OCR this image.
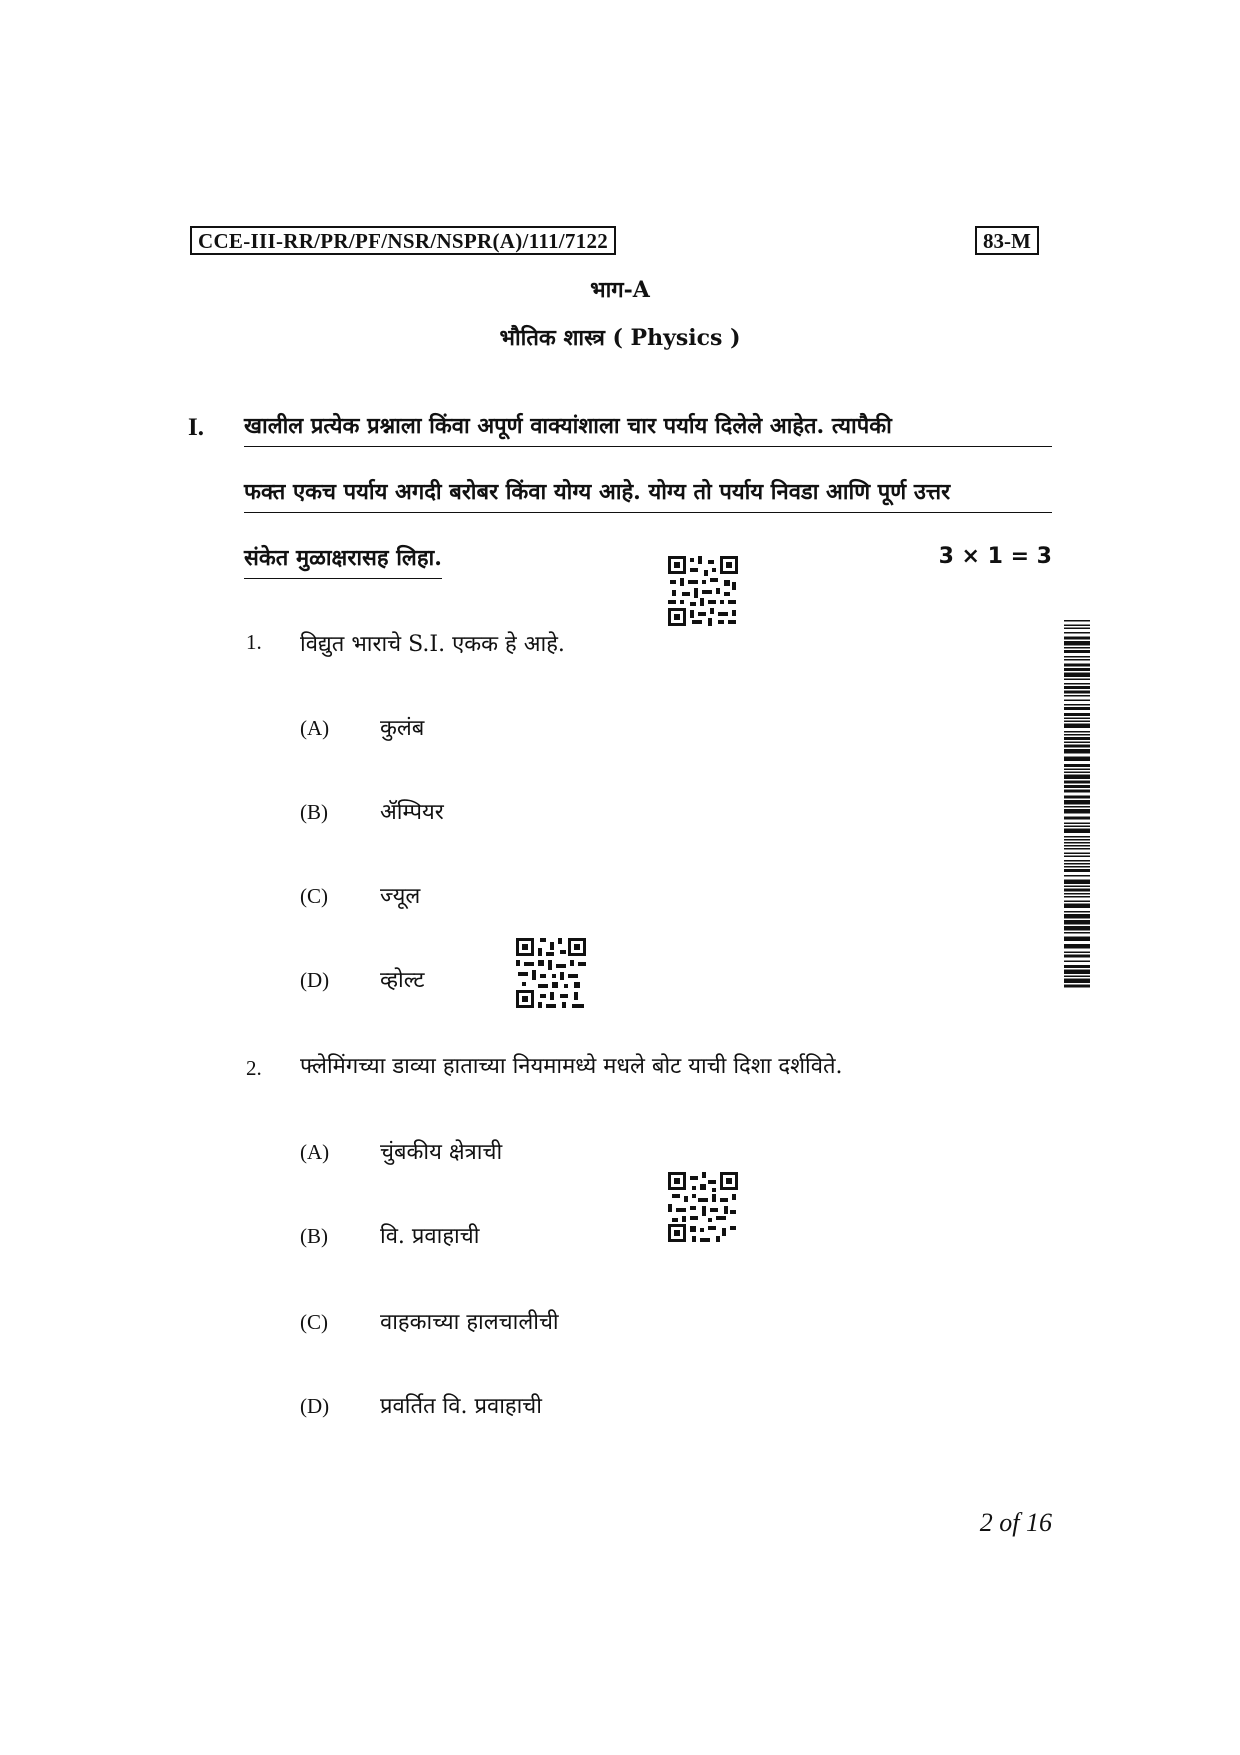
CCE-III-RR/PR/PF/NSR/NSPR(A)/111/7122	83-M
भाग-A
भौतिक शास्त्र ( Physics )
I. खालील प्रत्येक प्रश्नाला किंवा अपूर्ण वाक्यांशाला चार पर्याय दिलेले आहेत. त्यापैकी
फक्त एकच पर्याय अगदी बरोबर किंवा योग्य आहे. योग्य तो पर्याय निवडा आणि पूर्ण उत्तर
संकेत मुळाक्षरासह लिहा.	3 × 1 = 3
1. विद्युत भाराचे S.I. एकक हे आहे.
(A) कुलंब
(B) ॲम्पियर
(C) ज्यूल
(D) व्होल्ट
2. फ्लेमिंगच्या डाव्या हाताच्या नियमामध्ये मधले बोट याची दिशा दर्शविते.
(A) चुंबकीय क्षेत्राची
(B) वि. प्रवाहाची
(C) वाहकाच्या हालचालीची
(D) प्रवर्तित वि. प्रवाहाची
2 of 16
